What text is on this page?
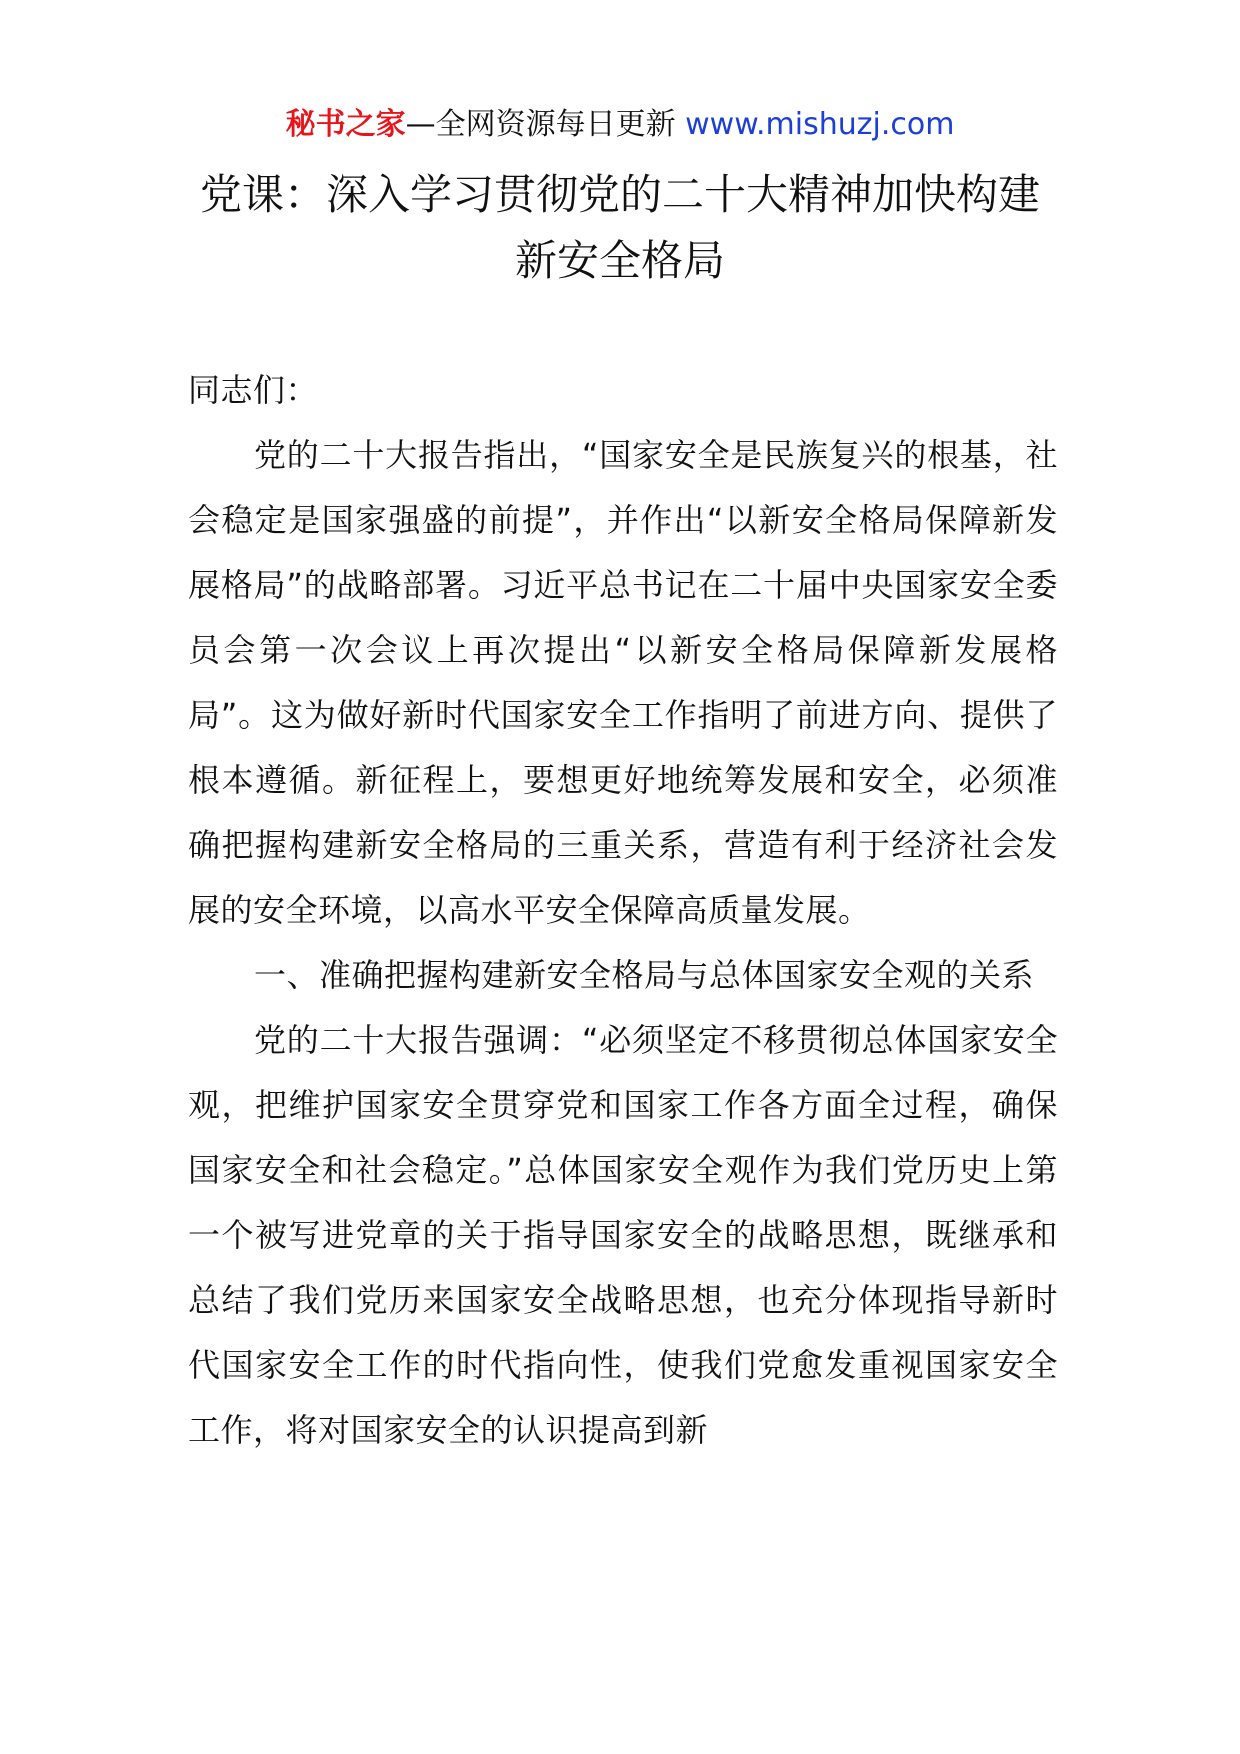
秘书之家—全网资源每日更新 www.mishuzj.com
党课：深入学习贯彻党的二十大精神加快构建
新安全格局

同志们：

党的二十大报告指出，“国家安全是民族复兴的根基，社会稳定是国家强盛的前提”，并作出“以新安全格局保障新发展格局”的战略部署。习近平总书记在二十届中央国家安全委员会第一次会议上再次提出“以新安全格局保障新发展格局”。这为做好新时代国家安全工作指明了前进方向、提供了根本遵循。新征程上，要想更好地统筹发展和安全，必须准确把握构建新安全格局的三重关系，营造有利于经济社会发展的安全环境，以高水平安全保障高质量发展。

一、准确把握构建新安全格局与总体国家安全观的关系

党的二十大报告强调：“必须坚定不移贯彻总体国家安全观，把维护国家安全贯穿党和国家工作各方面全过程，确保国家安全和社会稳定。”总体国家安全观作为我们党历史上第一个被写进党章的关于指导国家安全的战略思想，既继承和总结了我们党历来国家安全战略思想，也充分体现指导新时代国家安全工作的时代指向性，使我们党愈发重视国家安全工作，将对国家安全的认识提高到新
